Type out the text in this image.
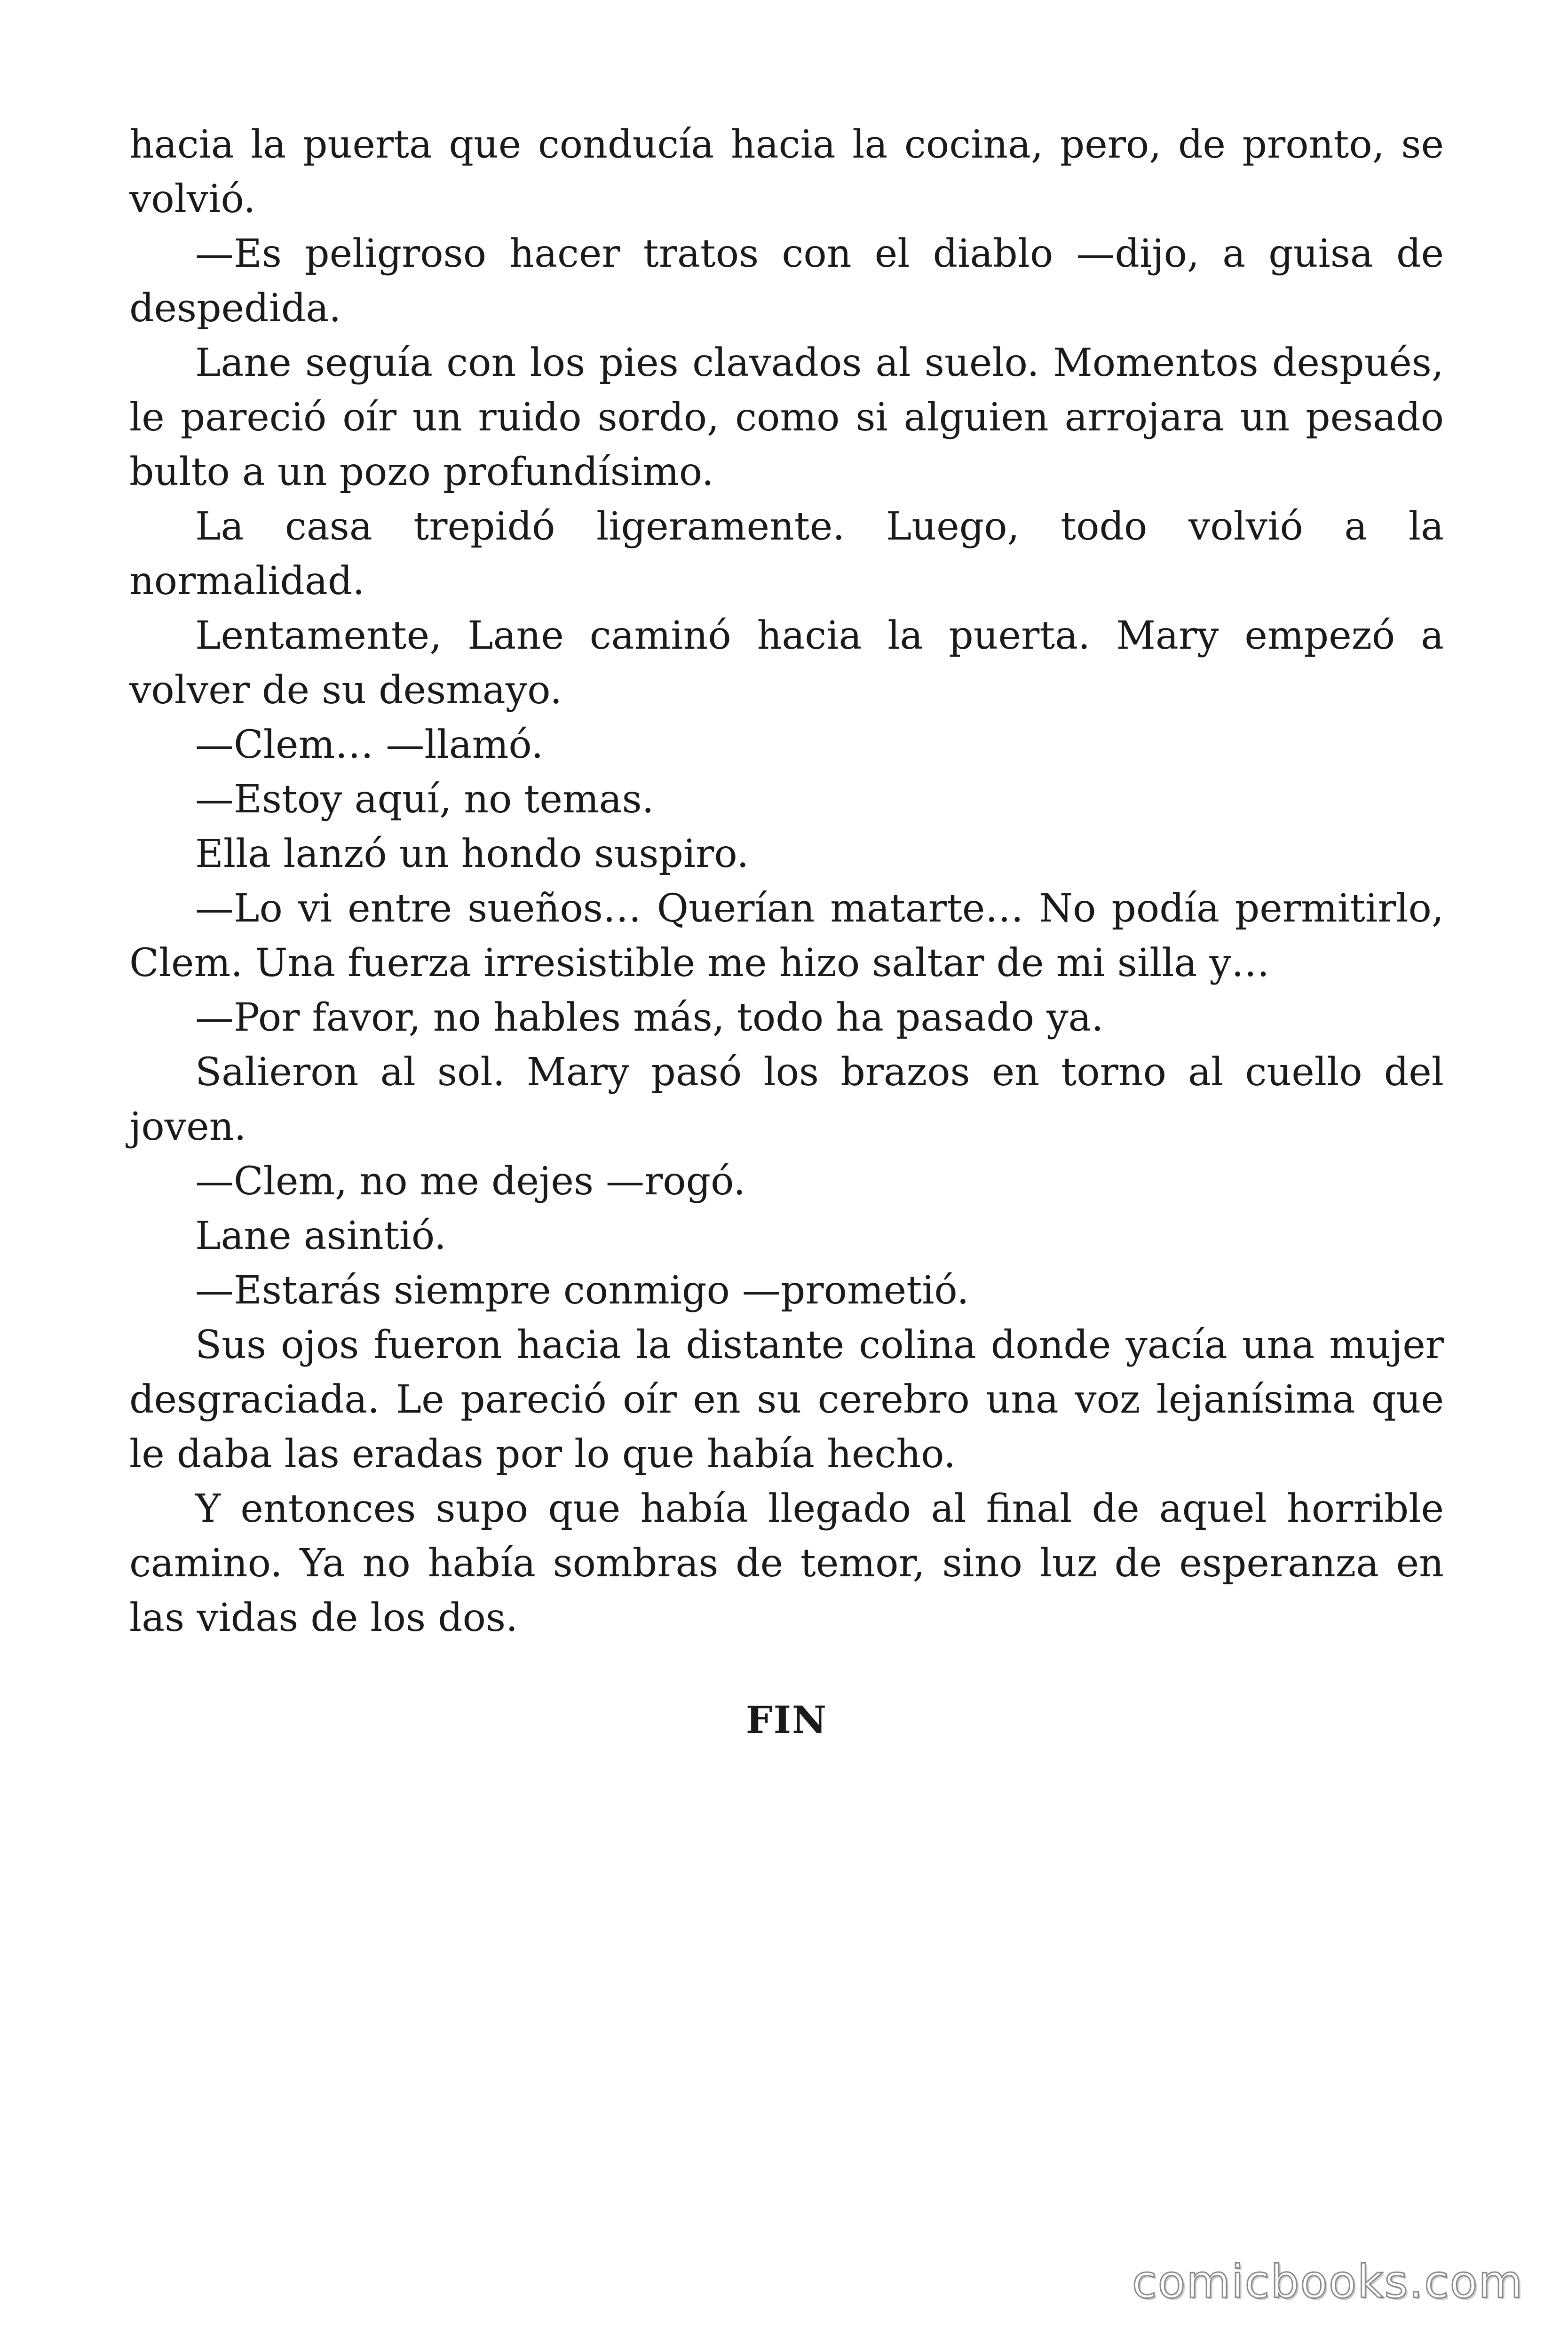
hacia la puerta que conducía hacia la cocina, pero, de pronto, se volvió.

—Es peligroso hacer tratos con el diablo —dijo, a guisa de despedida.

Lane seguía con los pies clavados al suelo. Momentos después, le pareció oír un ruido sordo, como si alguien arrojara un pesado bulto a un pozo profundísimo.

La casa trepidó ligeramente. Luego, todo volvió a la normalidad.

Lentamente, Lane caminó hacia la puerta. Mary empezó a volver de su desmayo.

—Clem… —llamó.

—Estoy aquí, no temas.

Ella lanzó un hondo suspiro.

—Lo vi entre sueños… Querían matarte… No podía permitirlo, Clem. Una fuerza irresistible me hizo saltar de mi silla y…

—Por favor, no hables más, todo ha pasado ya.

Salieron al sol. Mary pasó los brazos en torno al cuello del joven.

—Clem, no me dejes —rogó.

Lane asintió.

—Estarás siempre conmigo —prometió.

Sus ojos fueron hacia la distante colina donde yacía una mujer desgraciada. Le pareció oír en su cerebro una voz lejanísima que le daba las eradas por lo que había hecho.

Y entonces supo que había llegado al final de aquel horrible camino. Ya no había sombras de temor, sino luz de esperanza en las vidas de los dos.

FIN
comicbooks.com
